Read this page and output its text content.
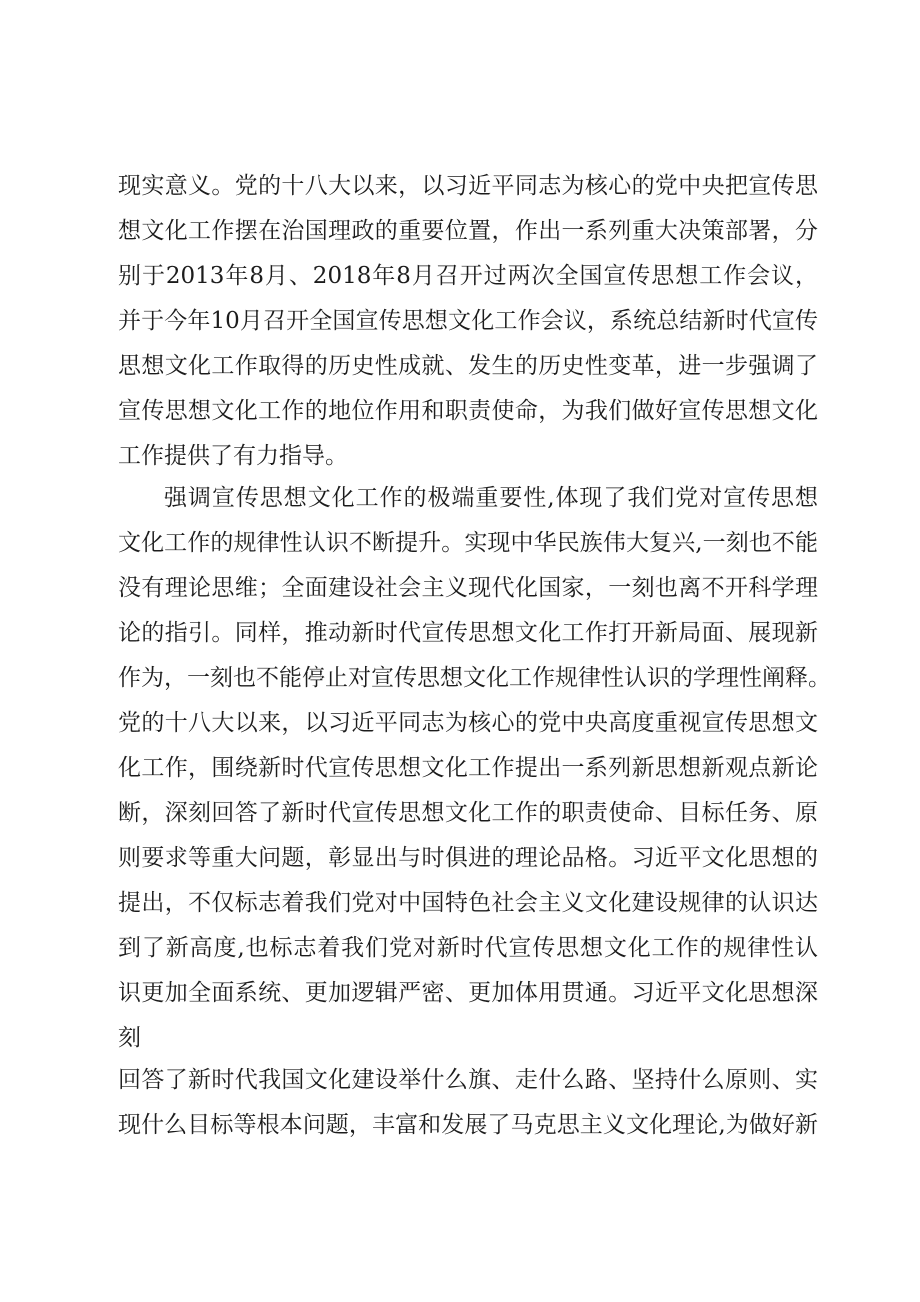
现实意义。党的十八大以来，以习近平同志为核心的党中央把宣传思

想文化工作摆在治国理政的重要位置，作出一系列重大决策部署，分

别于2013年8月、2018年8月召开过两次全国宣传思想工作会议，

并于今年10月召开全国宣传思想文化工作会议，系统总结新时代宣传

思想文化工作取得的历史性成就、发生的历史性变革，进一步强调了

宣传思想文化工作的地位作用和职责使命，为我们做好宣传思想文化

工作提供了有力指导。

强调宣传思想文化工作的极端重要性,体现了我们党对宣传思想

文化工作的规律性认识不断提升。实现中华民族伟大复兴,一刻也不能

没有理论思维；全面建设社会主义现代化国家，一刻也离不开科学理

论的指引。同样，推动新时代宣传思想文化工作打开新局面、展现新

作为，一刻也不能停止对宣传思想文化工作规律性认识的学理性阐释。

党的十八大以来，以习近平同志为核心的党中央高度重视宣传思想文

化工作，围绕新时代宣传思想文化工作提出一系列新思想新观点新论

断，深刻回答了新时代宣传思想文化工作的职责使命、目标任务、原

则要求等重大问题，彰显出与时俱进的理论品格。习近平文化思想的

提出，不仅标志着我们党对中国特色社会主义文化建设规律的认识达

到了新高度,也标志着我们党对新时代宣传思想文化工作的规律性认

识更加全面系统、更加逻辑严密、更加体用贯通。习近平文化思想深

刻

回答了新时代我国文化建设举什么旗、走什么路、坚持什么原则、实

现什么目标等根本问题，丰富和发展了马克思主义文化理论,为做好新
